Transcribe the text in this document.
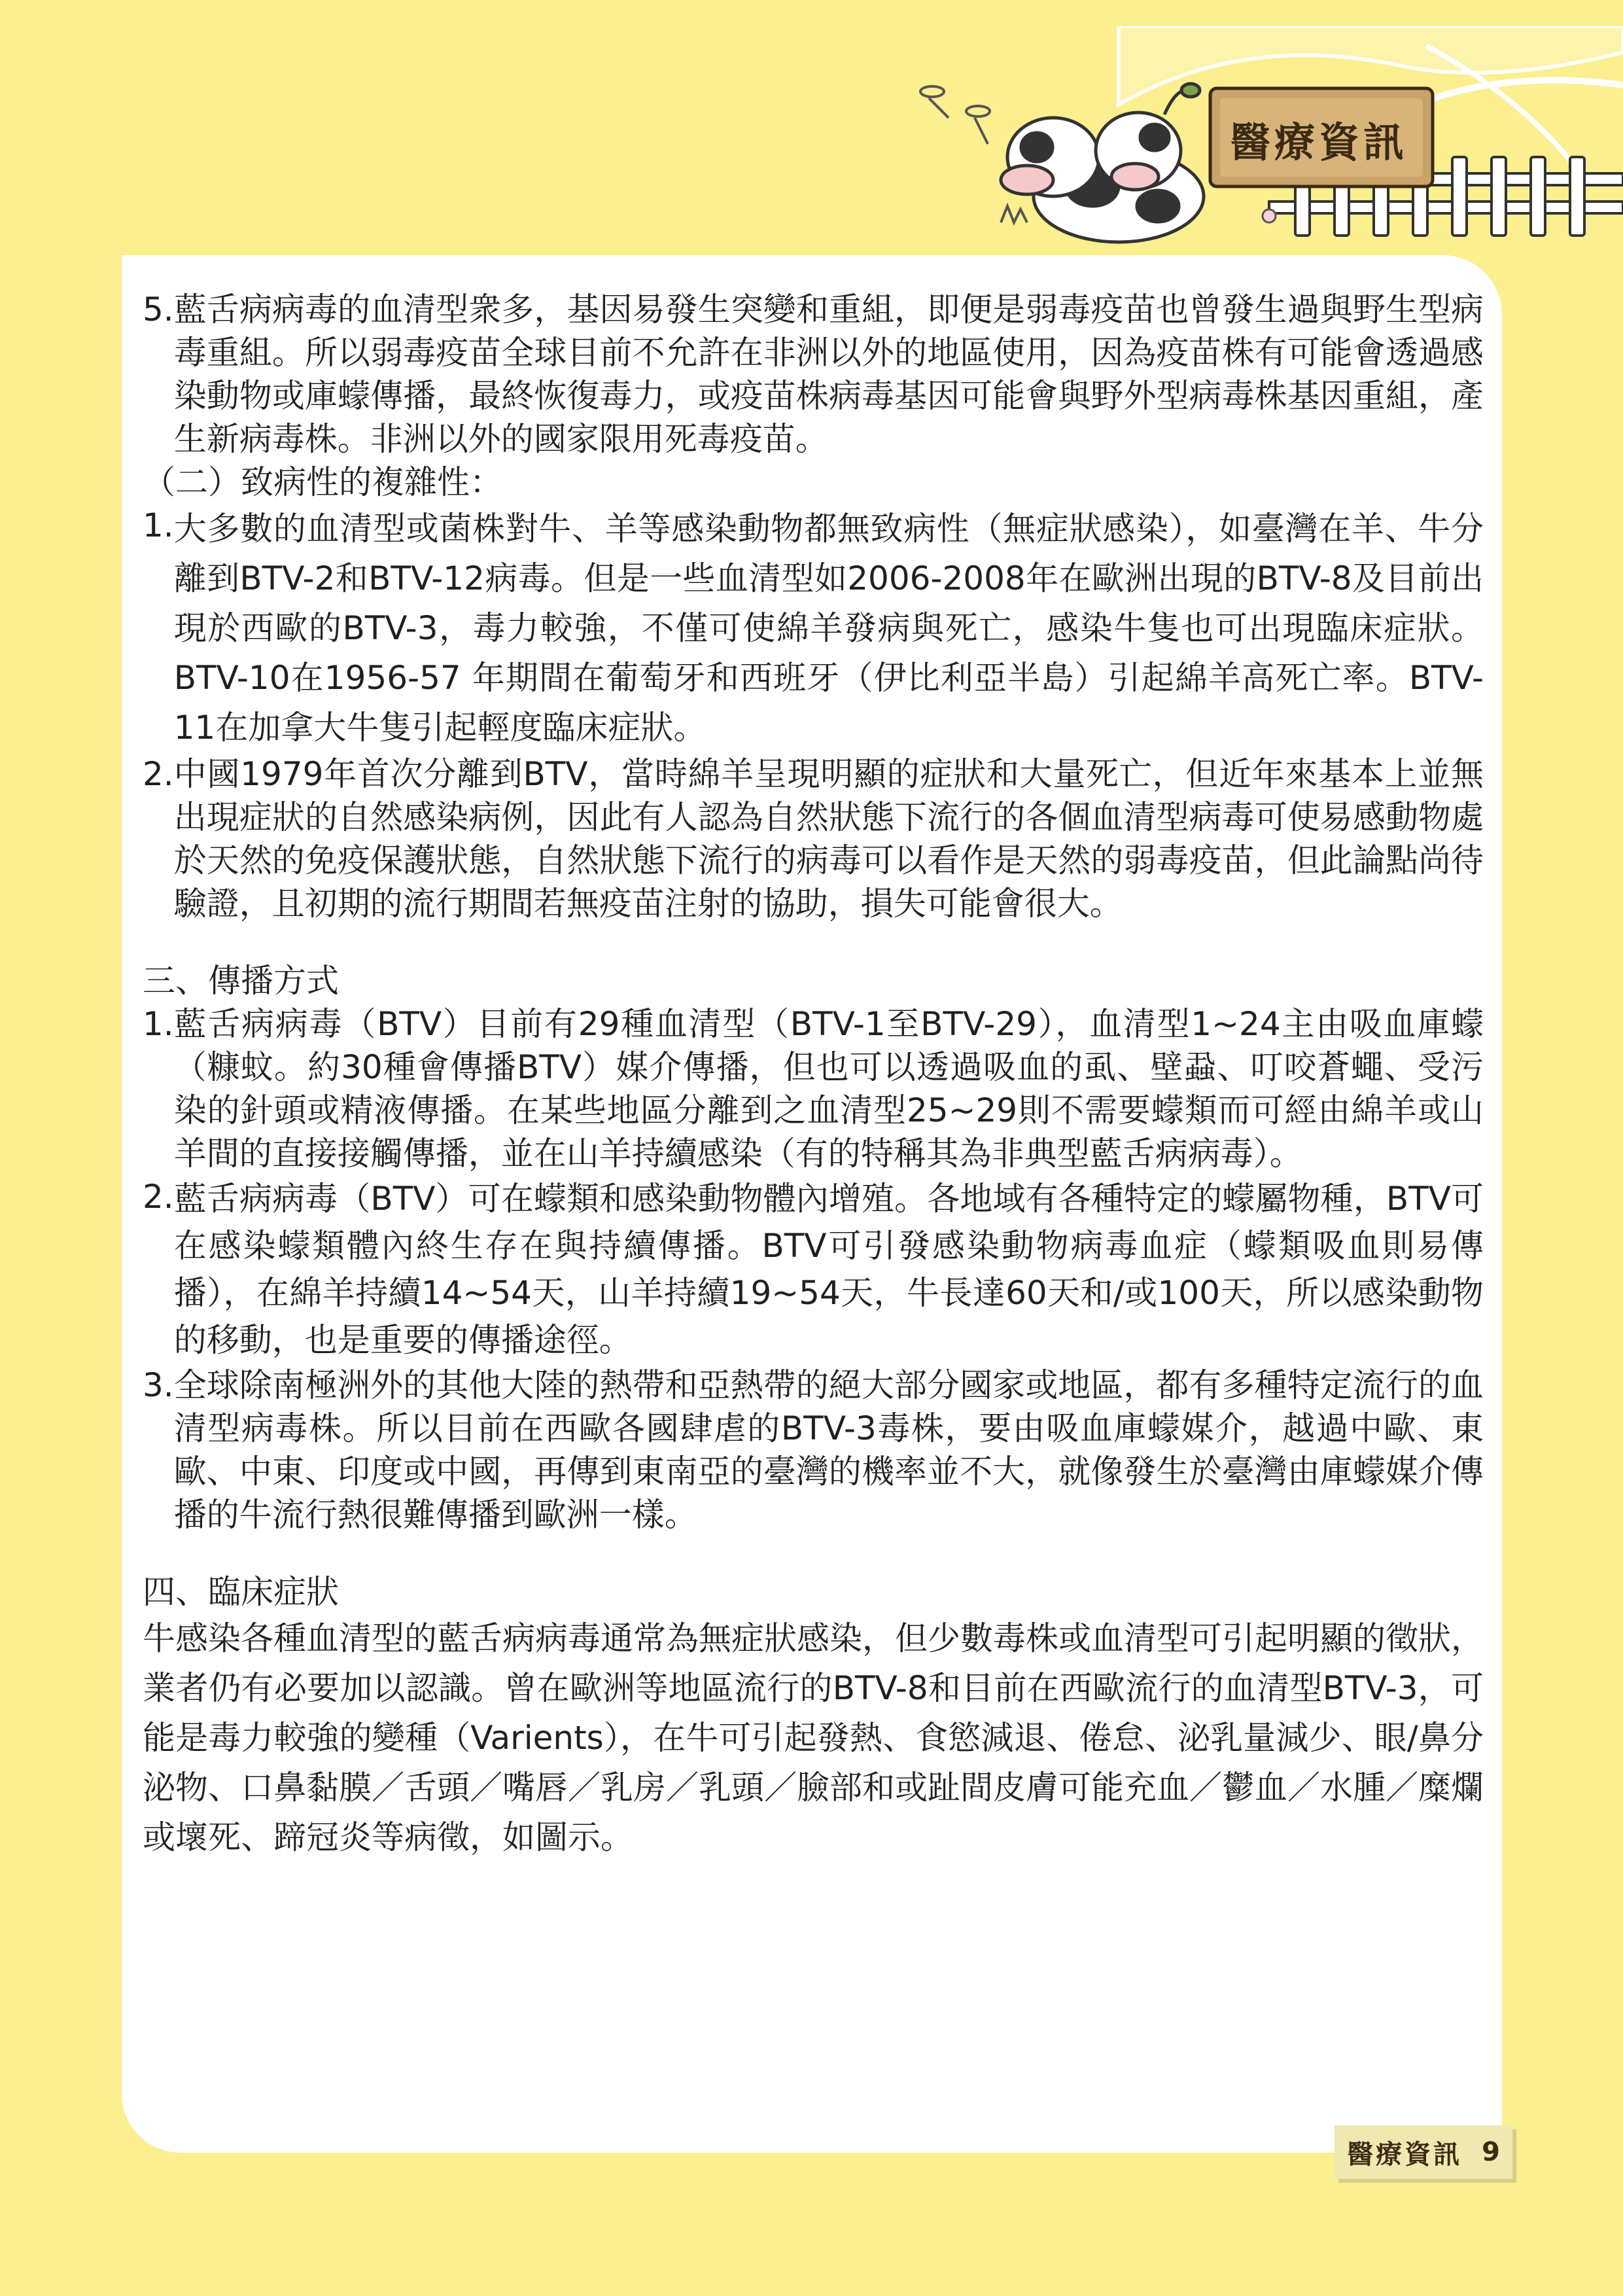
醫療資訊
5. 藍舌病病毒的血清型衆多，基因易發生突變和重組，即便是弱毒疫苗也曾發生過與野生型病毒重組。所以弱毒疫苗全球目前不允許在非洲以外的地區使用，因為疫苗株有可能會透過感染動物或庫蠓傳播，最終恢復毒力，或疫苗株病毒基因可能會與野外型病毒株基因重組，產生新病毒株。非洲以外的國家限用死毒疫苗。

（二）致病性的複雜性：

1. 大多數的血清型或菌株對牛、羊等感染動物都無致病性（無症狀感染），如臺灣在羊、牛分離到BTV-2和BTV-12病毒。但是一些血清型如2006-2008年在歐洲出現的BTV-8及目前出現於西歐的BTV-3，毒力較強，不僅可使綿羊發病與死亡，感染牛隻也可出現臨床症狀。BTV-10在1956-57 年期間在葡萄牙和西班牙（伊比利亞半島）引起綿羊高死亡率。BTV-11在加拿大牛隻引起輕度臨床症狀。
2. 中國1979年首次分離到BTV，當時綿羊呈現明顯的症狀和大量死亡，但近年來基本上並無出現症狀的自然感染病例，因此有人認為自然狀態下流行的各個血清型病毒可使易感動物處於天然的免疫保護狀態，自然狀態下流行的病毒可以看作是天然的弱毒疫苗，但此論點尚待驗證，且初期的流行期間若無疫苗注射的協助，損失可能會很大。

三、傳播方式

1. 藍舌病病毒（BTV）目前有29種血清型（BTV-1至BTV-29），血清型1~24主由吸血庫蠓（糠蚊。約30種會傳播BTV）媒介傳播，但也可以透過吸血的虱、壁蝨、叮咬蒼蠅、受污染的針頭或精液傳播。在某些地區分離到之血清型25~29則不需要蠓類而可經由綿羊或山羊間的直接接觸傳播，並在山羊持續感染（有的特稱其為非典型藍舌病病毒）。
2. 藍舌病病毒（BTV）可在蠓類和感染動物體內增殖。各地域有各種特定的蠓屬物種，BTV可在感染蠓類體內終生存在與持續傳播。BTV可引發感染動物病毒血症（蠓類吸血則易傳播），在綿羊持續14~54天，山羊持續19~54天，牛長達60天和/或100天，所以感染動物的移動，也是重要的傳播途徑。
3. 全球除南極洲外的其他大陸的熱帶和亞熱帶的絕大部分國家或地區，都有多種特定流行的血清型病毒株。所以目前在西歐各國肆虐的BTV-3毒株，要由吸血庫蠓媒介，越過中歐、東歐、中東、印度或中國，再傳到東南亞的臺灣的機率並不大，就像發生於臺灣由庫蠓媒介傳播的牛流行熱很難傳播到歐洲一樣。

四、臨床症狀

牛感染各種血清型的藍舌病病毒通常為無症狀感染，但少數毒株或血清型可引起明顯的徵狀，業者仍有必要加以認識。曾在歐洲等地區流行的BTV-8和目前在西歐流行的血清型BTV-3，可能是毒力較強的變種（Varients），在牛可引起發熱、食慾減退、倦怠、泌乳量減少、眼/鼻分泌物、口鼻黏膜／舌頭／嘴唇／乳房／乳頭／臉部和或趾間皮膚可能充血／鬱血／水腫／糜爛或壞死、蹄冠炎等病徵，如圖示。

醫療資訊 9
